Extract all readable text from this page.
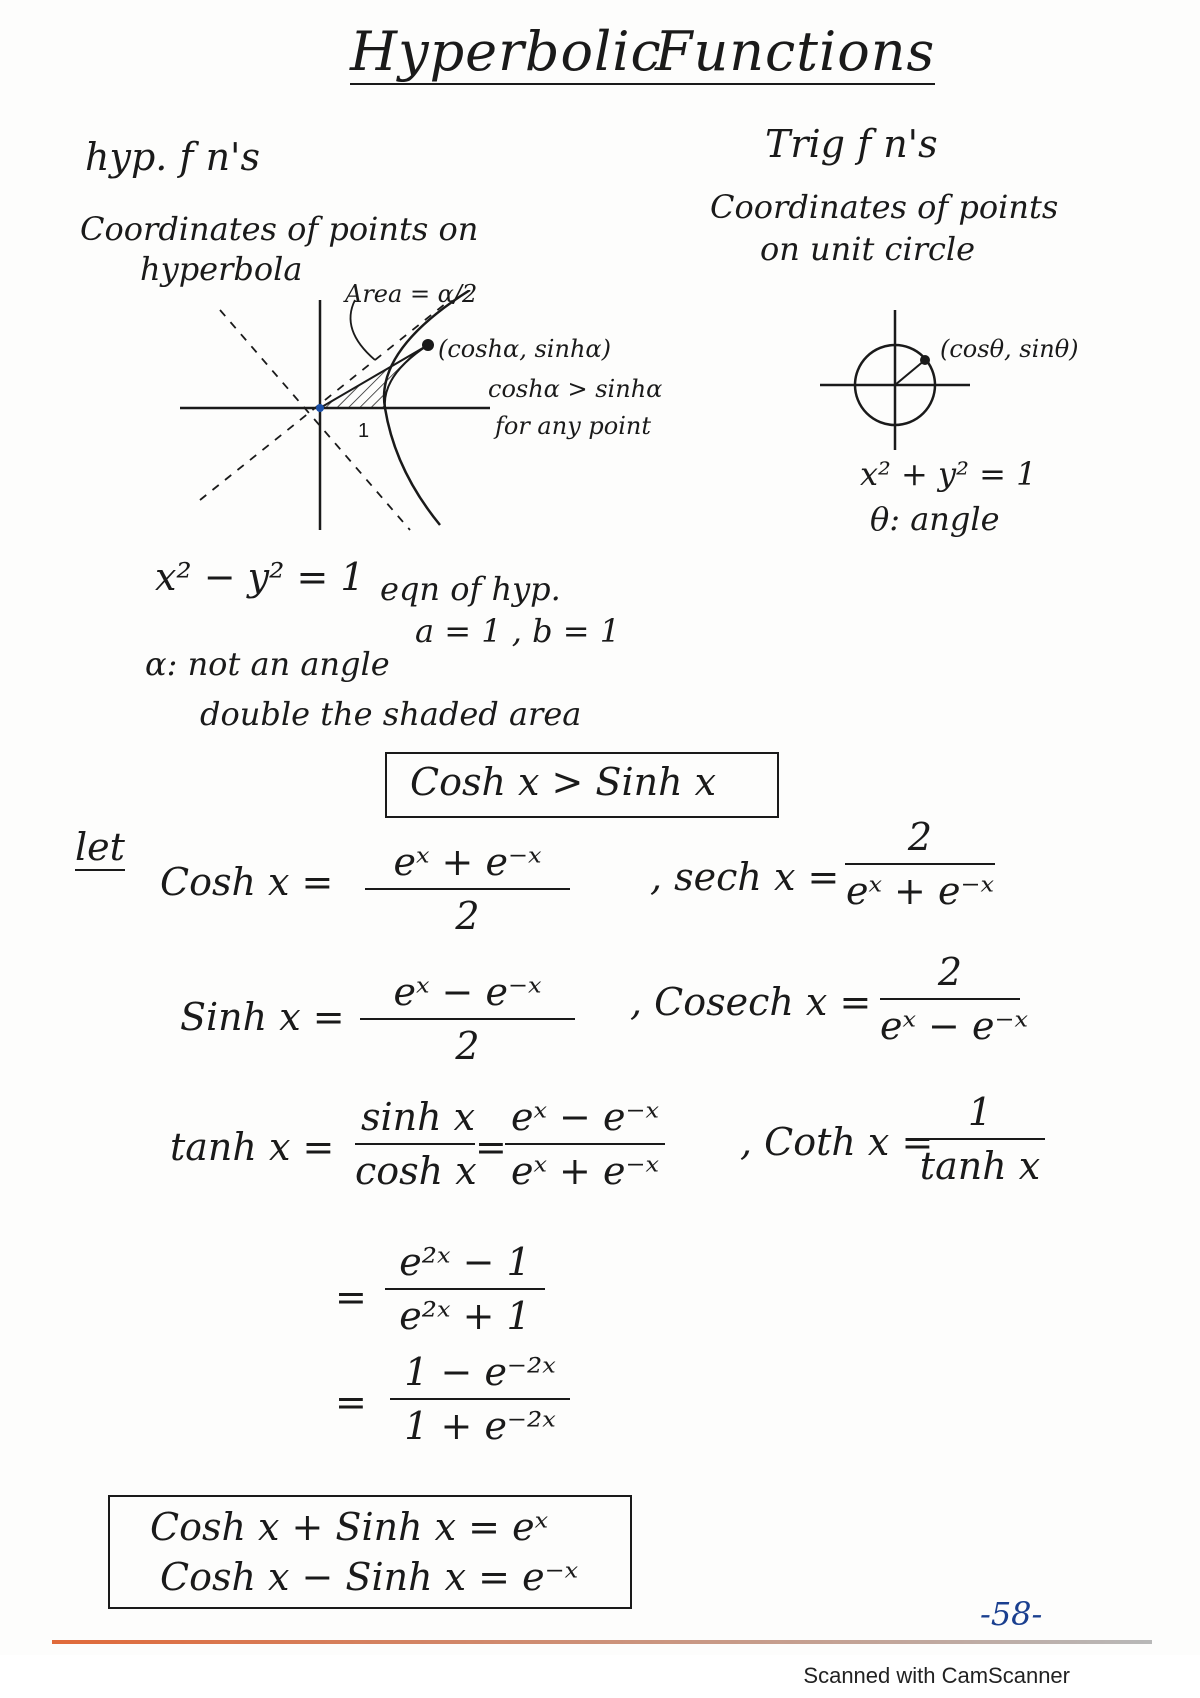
Hyperbolic
Functions
hyp. f n's
Coordinates of points on
hyperbola
Trig f n's
Coordinates of points
on unit circle
Area = α/2
(coshα, sinhα)
coshα > sinhα
for any point
1
(cosθ, sinθ)
x² + y² = 1
θ: angle
x² − y² = 1 eqn of hyp.
a = 1 , b = 1
α: not an angle
double the shaded area
Cosh x > Sinh x
let
Cosh $x = \frac{\text{eˣ + e⁻ˣ}}{2}$ , sech $x = \frac{2}{\text{eˣ + e⁻ˣ}}$
Sinh $x = \frac{\text{eˣ − e⁻ˣ}}{2}$ , Cosech $x = \frac{2}{\text{eˣ − e⁻ˣ}}$
$\tanh x = \frac{\text{sinh x}}{\text{cosh x}}$ =
$\frac{\text{eˣ − e⁻ˣ}}{\text{eˣ + e⁻ˣ}}$ , Coth x =
$\frac{1}{\text{tanh x}}$
= $\frac{\text{e²ˣ − 1}}{\text{e²ˣ + 1}}$
= $\frac{\text{1 − e⁻²ˣ}}{\text{1 + e⁻²ˣ}}$
Cosh x + Sinh x = eˣ
Cosh x − Sinh x = e⁻ˣ
-58-
Scanned with CamScanner
